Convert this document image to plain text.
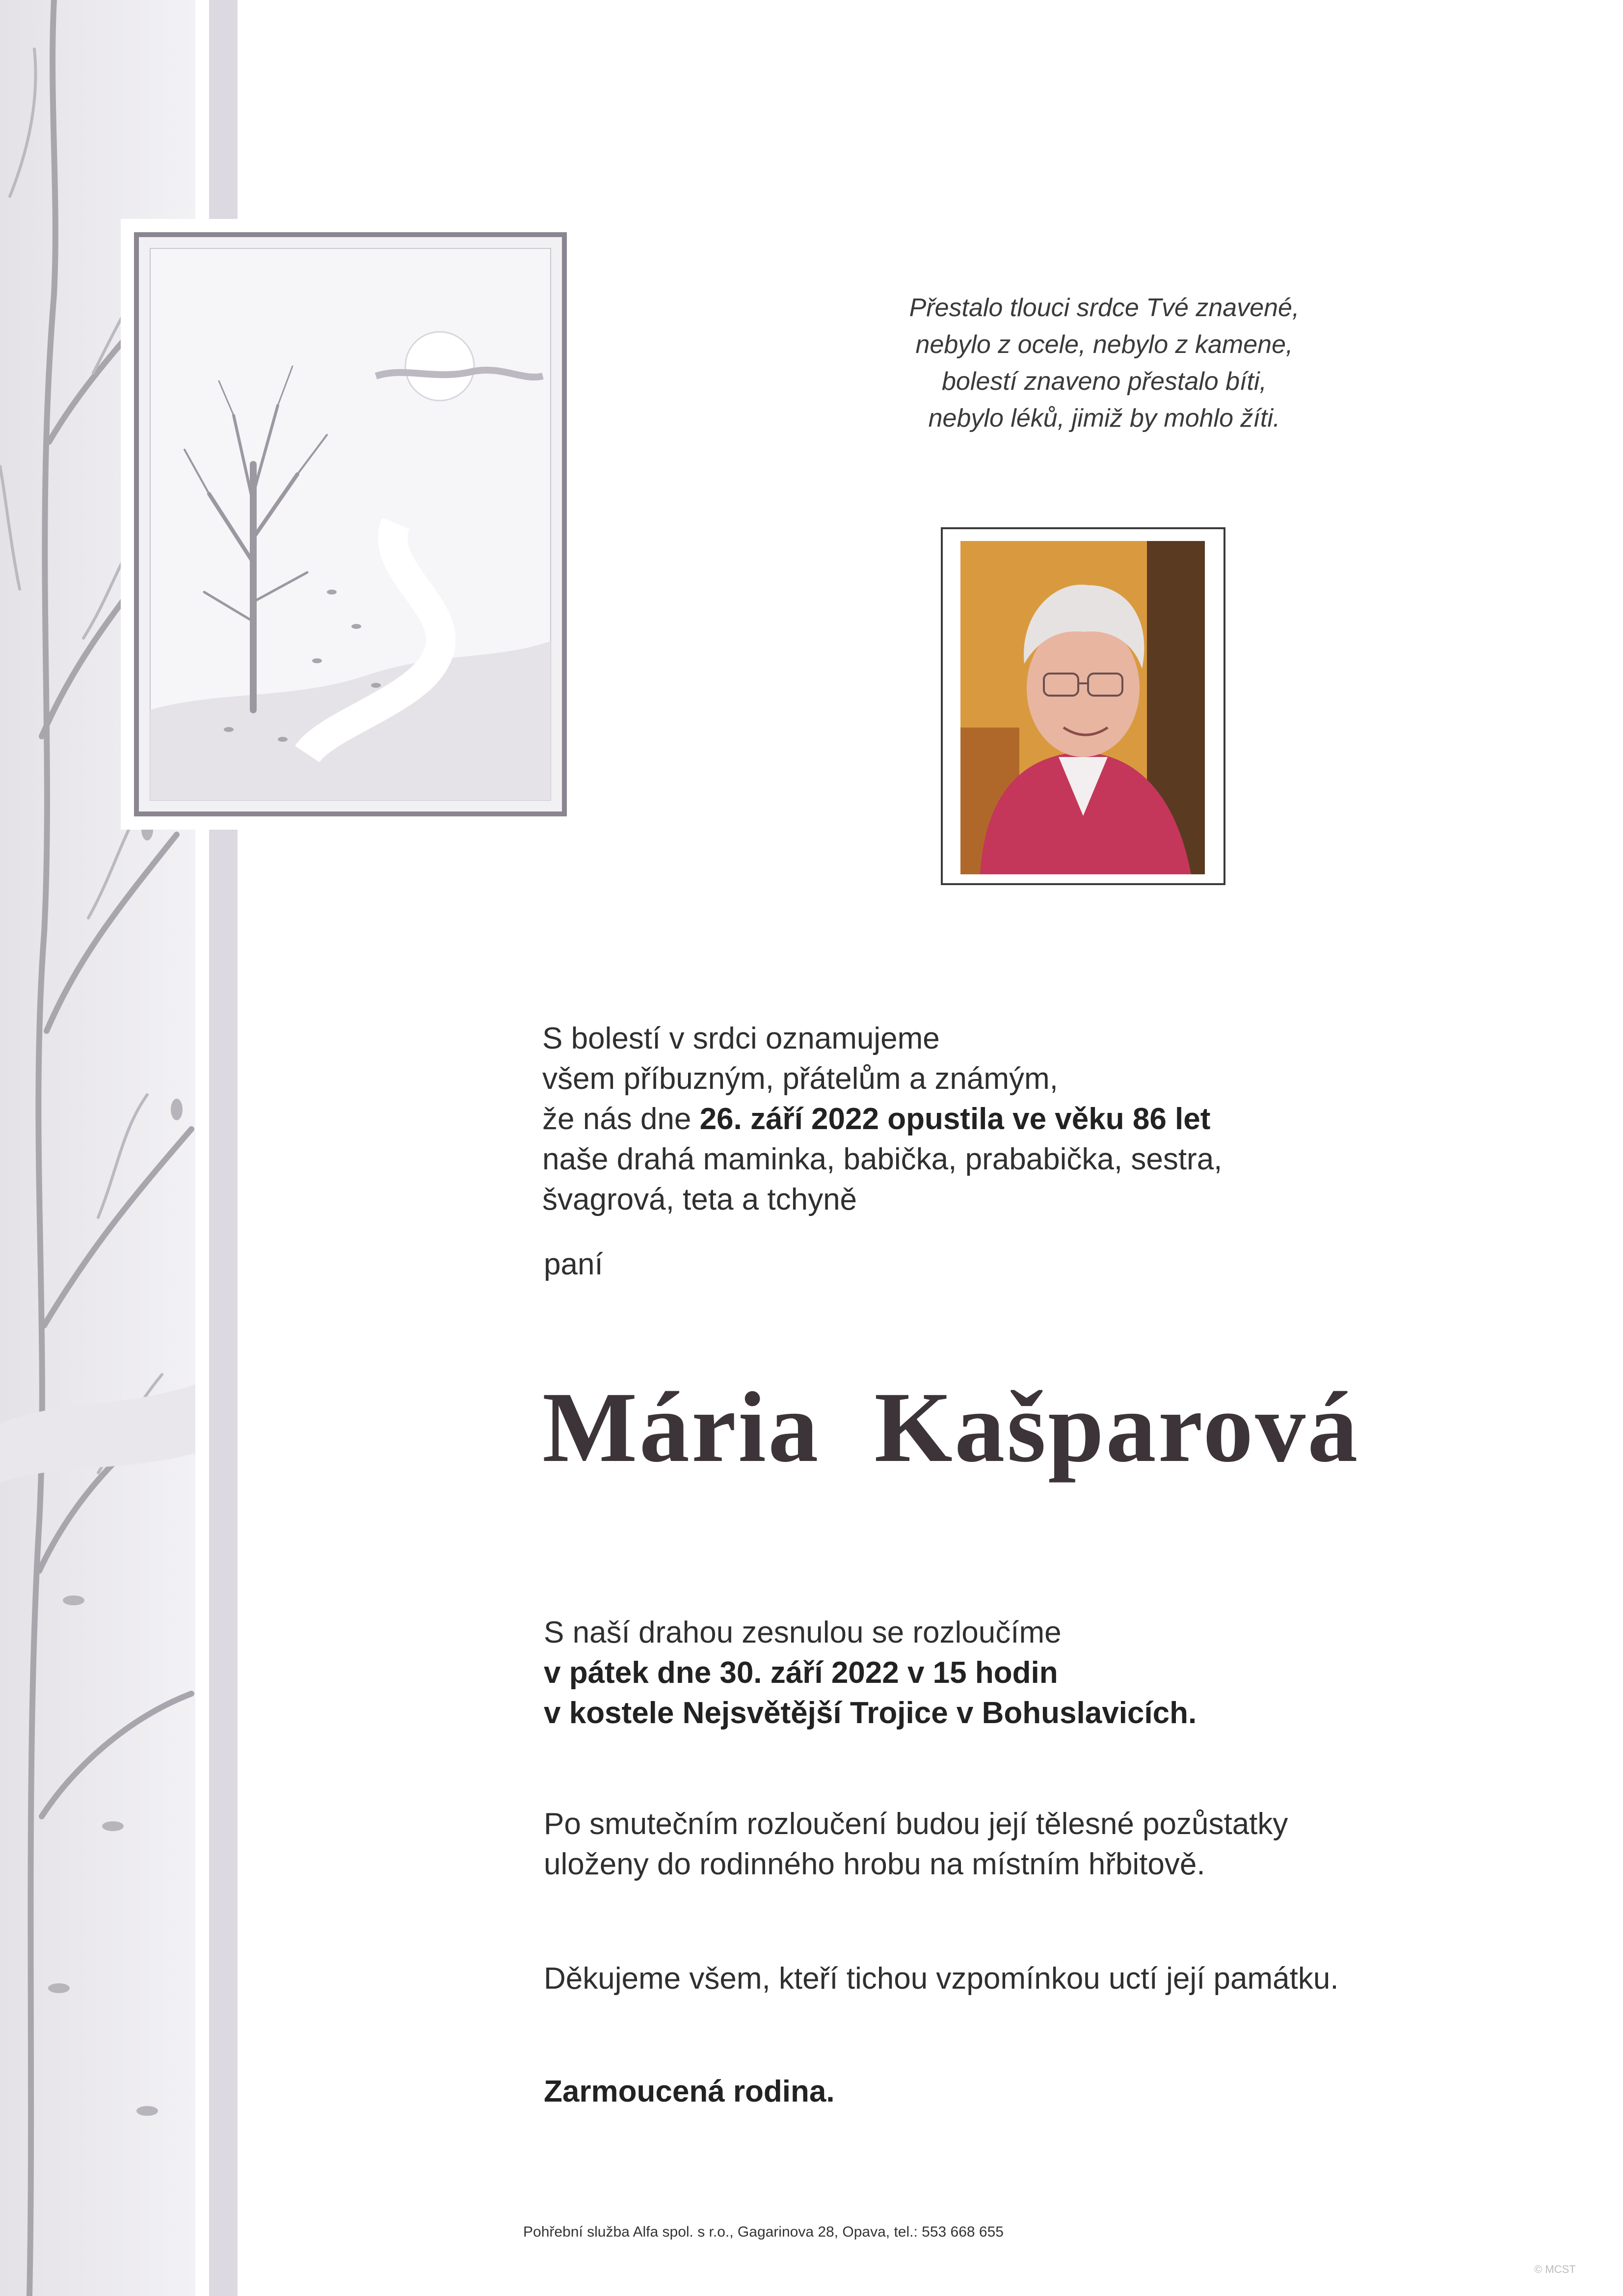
Přestalo tlouci srdce Tvé znavené,
nebylo z ocele, nebylo z kamene,
bolestí znaveno přestalo bíti,
nebylo léků, jimiž by mohlo žíti.
S bolestí v srdci oznamujeme
všem příbuzným, přátelům a známým,
že nás dne 26. září 2022 opustila ve věku 86 let
naše drahá maminka, babička, prababička, sestra,
švagrová, teta a tchyně
paní
Mária Kašparová
S naší drahou zesnulou se rozloučíme
v pátek dne 30. září 2022 v 15 hodin
v kostele Nejsvětější Trojice v Bohuslavicích.
Po smutečním rozloučení budou její tělesné pozůstatky
uloženy do rodinného hrobu na místním hřbitově.
Děkujeme všem, kteří tichou vzpomínkou uctí její památku.
Zarmoucená rodina.
Pohřební služba Alfa spol. s r.o., Gagarinova 28, Opava, tel.: 553 668 655
© MCST
